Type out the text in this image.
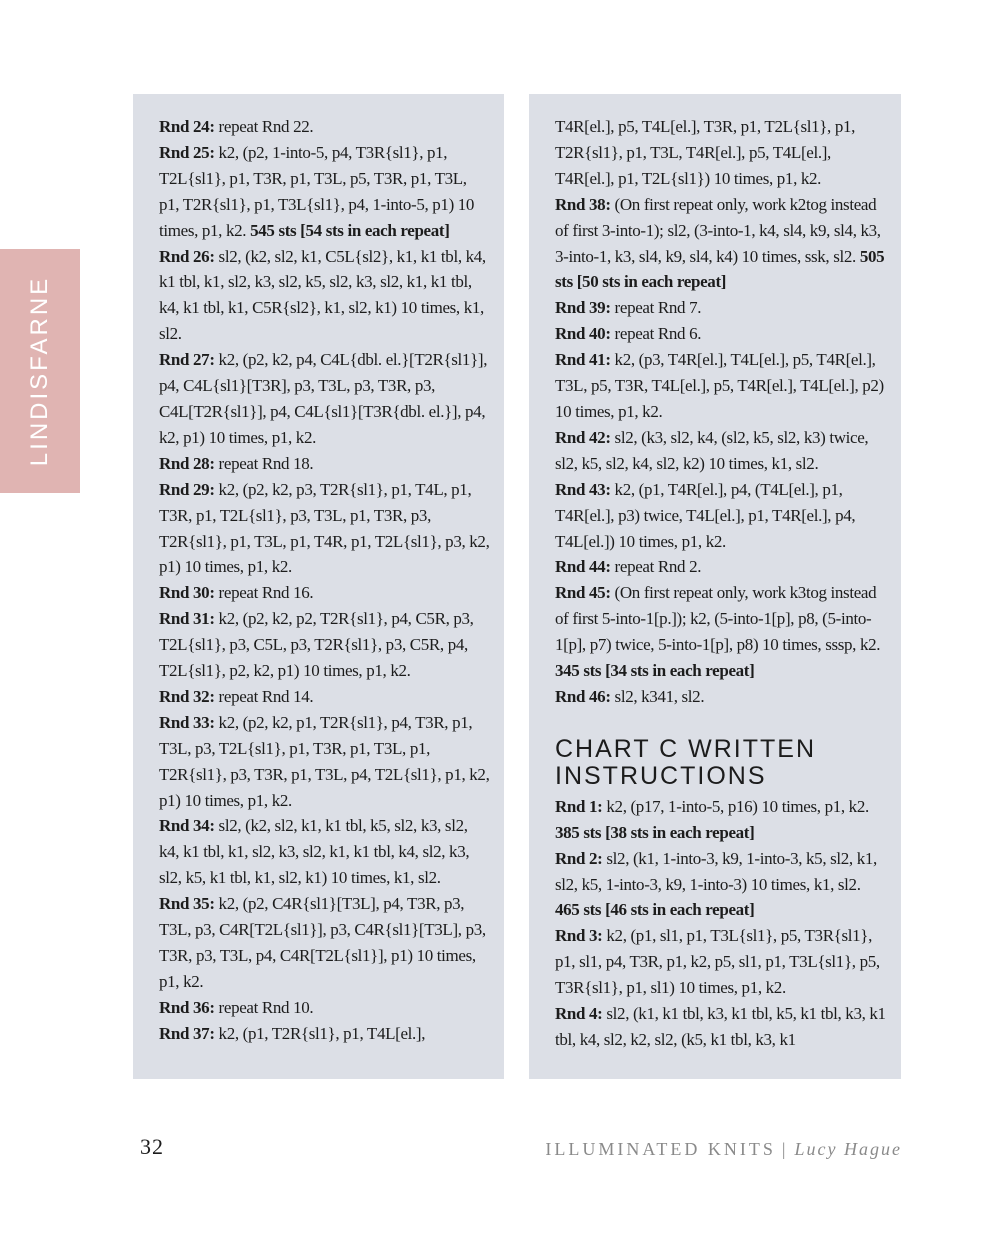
LINDISFARNE

Rnd 24: repeat Rnd 22.

Rnd 25: k2, (p2, 1-into-5, p4, T3R{sl1}, p1, T2L{sl1}, p1, T3R, p1, T3L, p5, T3R, p1, T3L, p1, T2R{sl1}, p1, T3L{sl1}, p4, 1-into-5, p1) 10 times, p1, k2. 545 sts [54 sts in each repeat]

Rnd 26: sl2, (k2, sl2, k1, C5L{sl2}, k1, k1 tbl, k4, k1 tbl, k1, sl2, k3, sl2, k5, sl2, k3, sl2, k1, k1 tbl, k4, k1 tbl, k1, C5R{sl2}, k1, sl2, k1) 10 times, k1, sl2.

Rnd 27: k2, (p2, k2, p4, C4L{dbl. el.}[T2R{sl1}], p4, C4L{sl1}[T3R], p3, T3L, p3, T3R, p3, C4L[T2R{sl1}], p4, C4L{sl1}[T3R{dbl. el.}], p4, k2, p1) 10 times, p1, k2.

Rnd 28: repeat Rnd 18.

Rnd 29: k2, (p2, k2, p3, T2R{sl1}, p1, T4L, p1, T3R, p1, T2L{sl1}, p3, T3L, p1, T3R, p3, T2R{sl1}, p1, T3L, p1, T4R, p1, T2L{sl1}, p3, k2, p1) 10 times, p1, k2.

Rnd 30: repeat Rnd 16.

Rnd 31: k2, (p2, k2, p2, T2R{sl1}, p4, C5R, p3, T2L{sl1}, p3, C5L, p3, T2R{sl1}, p3, C5R, p4, T2L{sl1}, p2, k2, p1) 10 times, p1, k2.

Rnd 32: repeat Rnd 14.

Rnd 33: k2, (p2, k2, p1, T2R{sl1}, p4, T3R, p1, T3L, p3, T2L{sl1}, p1, T3R, p1, T3L, p1, T2R{sl1}, p3, T3R, p1, T3L, p4, T2L{sl1}, p1, k2, p1) 10 times, p1, k2.

Rnd 34: sl2, (k2, sl2, k1, k1 tbl, k5, sl2, k3, sl2, k4, k1 tbl, k1, sl2, k3, sl2, k1, k1 tbl, k4, sl2, k3, sl2, k5, k1 tbl, k1, sl2, k1) 10 times, k1, sl2.

Rnd 35: k2, (p2, C4R{sl1}[T3L], p4, T3R, p3, T3L, p3, C4R[T2L{sl1}], p3, C4R{sl1}[T3L], p3, T3R, p3, T3L, p4, C4R[T2L{sl1}], p1) 10 times, p1, k2.

Rnd 36: repeat Rnd 10.

Rnd 37: k2, (p1, T2R{sl1}, p1, T4L[el.],

T4R[el.], p5, T4L[el.], T3R, p1, T2L{sl1}, p1, T2R{sl1}, p1, T3L, T4R[el.], p5, T4L[el.], T4R[el.], p1, T2L{sl1}) 10 times, p1, k2.

Rnd 38: (On first repeat only, work k2tog instead of first 3-into-1); sl2, (3-into-1, k4, sl4, k9, sl4, k3, 3-into-1, k3, sl4, k9, sl4, k4) 10 times, ssk, sl2. 505 sts [50 sts in each repeat]

Rnd 39: repeat Rnd 7.

Rnd 40: repeat Rnd 6.

Rnd 41: k2, (p3, T4R[el.], T4L[el.], p5, T4R[el.], T3L, p5, T3R, T4L[el.], p5, T4R[el.], T4L[el.], p2) 10 times, p1, k2.

Rnd 42: sl2, (k3, sl2, k4, (sl2, k5, sl2, k3) twice, sl2, k5, sl2, k4, sl2, k2) 10 times, k1, sl2.

Rnd 43: k2, (p1, T4R[el.], p4, (T4L[el.], p1, T4R[el.], p3) twice, T4L[el.], p1, T4R[el.], p4, T4L[el.]) 10 times, p1, k2.

Rnd 44: repeat Rnd 2.

Rnd 45: (On first repeat only, work k3tog instead of first 5-into-1[p.]); k2, (5-into-1[p], p8, (5-into-1[p], p7) twice, 5-into-1[p], p8) 10 times, sssp, k2. 345 sts [34 sts in each repeat]

Rnd 46: sl2, k341, sl2.

CHART C WRITTEN INSTRUCTIONS

Rnd 1: k2, (p17, 1-into-5, p16) 10 times, p1, k2. 385 sts [38 sts in each repeat]

Rnd 2: sl2, (k1, 1-into-3, k9, 1-into-3, k5, sl2, k1, sl2, k5, 1-into-3, k9, 1-into-3) 10 times, k1, sl2. 465 sts [46 sts in each repeat]

Rnd 3: k2, (p1, sl1, p1, T3L{sl1}, p5, T3R{sl1}, p1, sl1, p4, T3R, p1, k2, p5, sl1, p1, T3L{sl1}, p5, T3R{sl1}, p1, sl1) 10 times, p1, k2.

Rnd 4: sl2, (k1, k1 tbl, k3, k1 tbl, k5, k1 tbl, k3, k1 tbl, k4, sl2, k2, sl2, (k5, k1 tbl, k3, k1

32	ILLUMINATED KNITS | Lucy Hague
